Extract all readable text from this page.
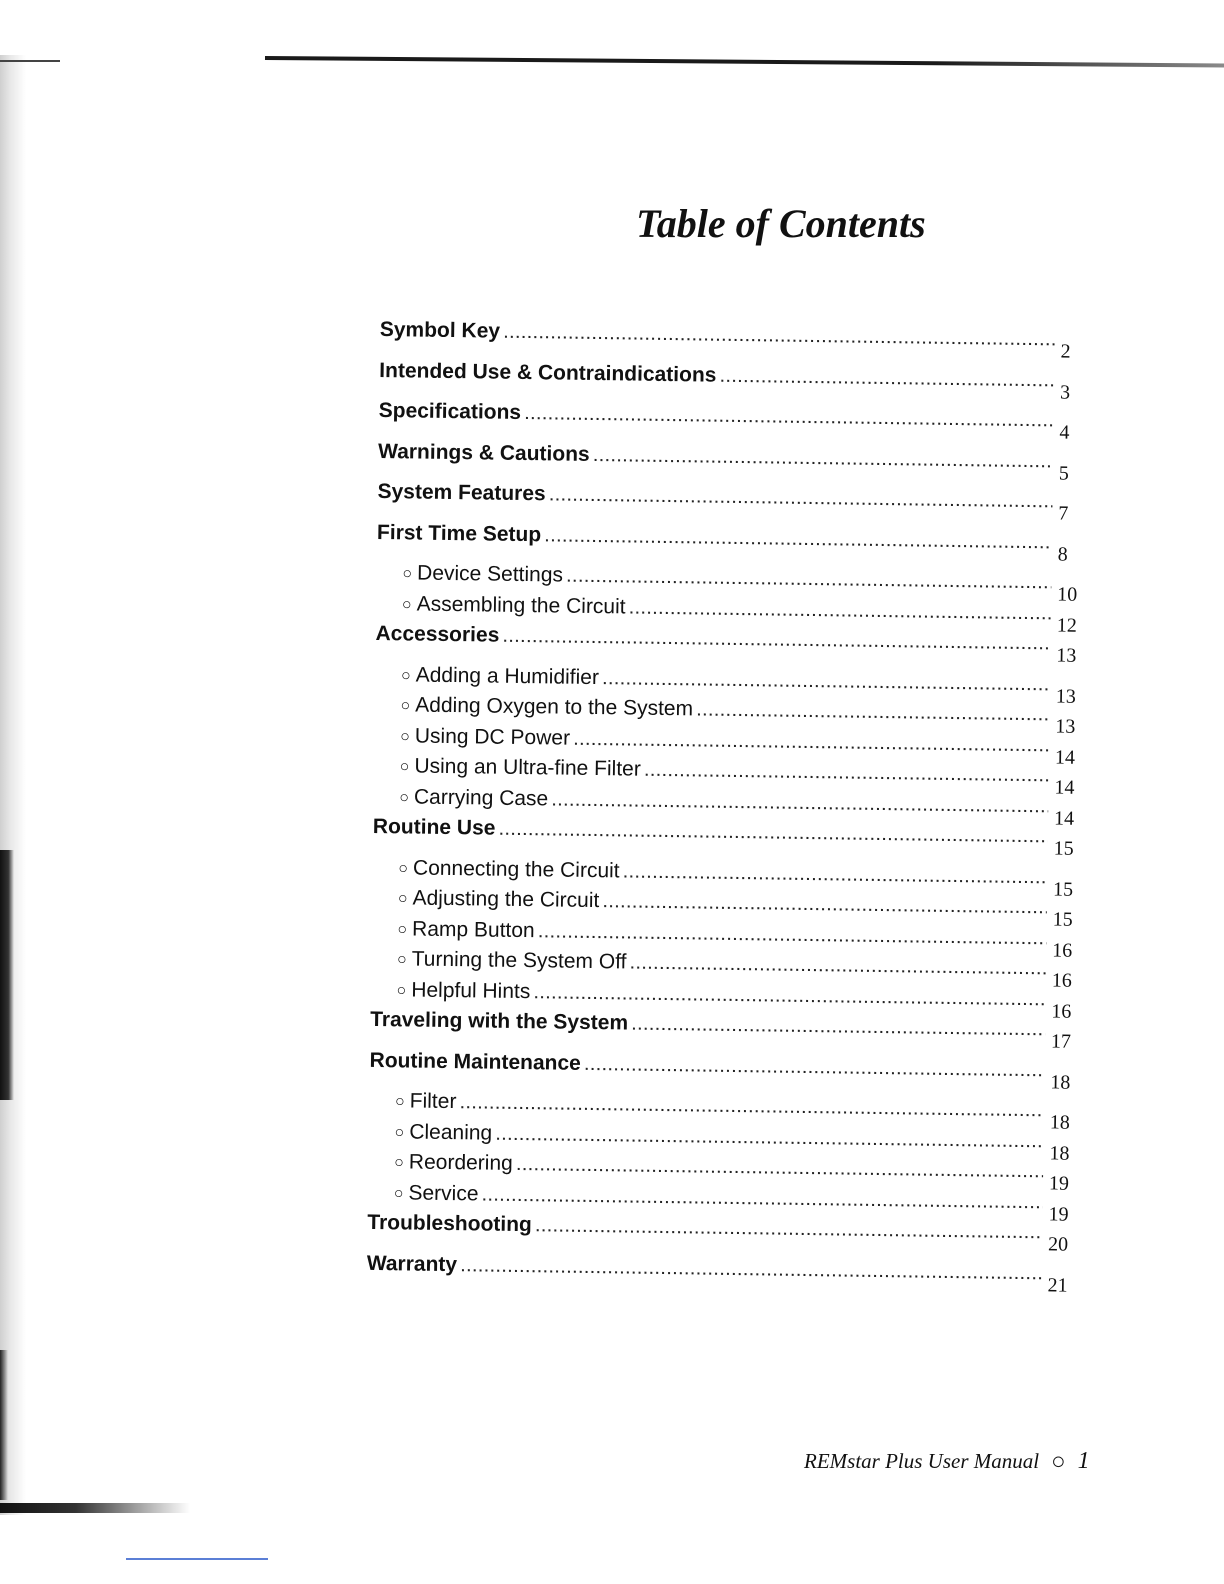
Table of Contents
Symbol Key
.....
2
Intended Use & Contraindications
.....
3
Specifications
.....
4
Warnings & Cautions
.....
5
System Features
.....
7
First Time Setup
.....
8
○ Device Settings
.....
10
○ Assembling the Circuit
.....
12
Accessories
.....
13
○ Adding a Humidifier
.....
13
○ Adding Oxygen to the System
.....
13
○ Using DC Power
.....
14
○ Using an Ultra-fine Filter
.....
14
○ Carrying Case
.....
14
Routine Use
.....
15
○ Connecting the Circuit
.....
15
○ Adjusting the Circuit
.....
15
○ Ramp Button
.....
16
○ Turning the System Off
.....
16
○ Helpful Hints
.....
16
Traveling with the System
.....
17
Routine Maintenance
.....
18
○ Filter
.....
18
○ Cleaning
.....
18
○ Reordering
.....
19
○ Service
.....
19
Troubleshooting
.....
20
Warranty
.....
21
REMstar Plus User Manual ○ 1
